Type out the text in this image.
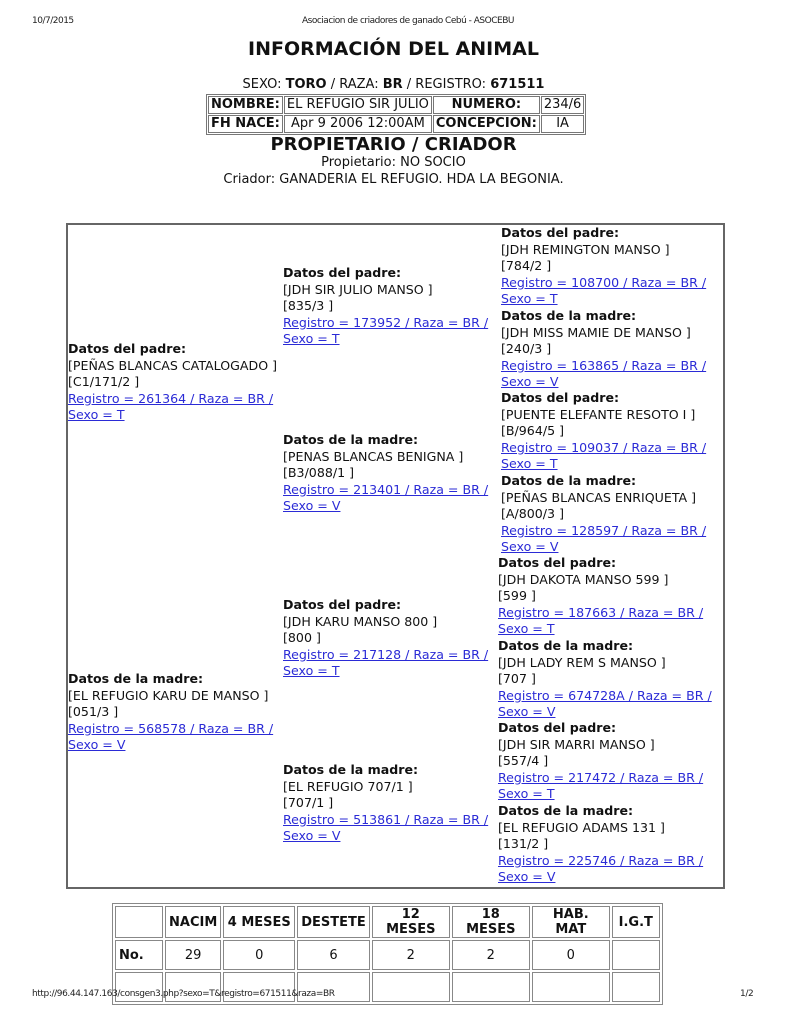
10/7/2015	Asociacion de criadores de ganado Cebú - ASOCEBU
INFORMACIÓN DEL ANIMAL
SEXO: TORO / RAZA: BR / REGISTRO: 671511
NOMBRE:	EL REFUGIO SIR JULIO	NUMERO:	234/6
FH NACE:	Apr 9 2006 12:00AM	CONCEPCION:	IA
PROPIETARIO / CRIADOR
Propietario: NO SOCIO
Criador: GANADERIA EL REFUGIO. HDA LA BEGONIA.
Datos del padre:
[PEÑAS BLANCAS CATALOGADO ]
[C1/171/2 ]
Registro = 261364 / Raza = BR / Sexo = T
Datos de la madre:
[EL REFUGIO KARU DE MANSO ]
[051/3 ]
Registro = 568578 / Raza = BR / Sexo = V
Datos del padre:
[JDH SIR JULIO MANSO ]
[835/3 ]
Registro = 173952 / Raza = BR / Sexo = T
Datos de la madre:
[PENAS BLANCAS BENIGNA ]
[B3/088/1 ]
Registro = 213401 / Raza = BR / Sexo = V
Datos del padre:
[JDH KARU MANSO 800 ]
[800 ]
Registro = 217128 / Raza = BR / Sexo = T
Datos de la madre:
[EL REFUGIO 707/1 ]
[707/1 ]
Registro = 513861 / Raza = BR / Sexo = V
Datos del padre:
[JDH REMINGTON MANSO ]
[784/2 ]
Registro = 108700 / Raza = BR / Sexo = T
Datos de la madre:
[JDH MISS MAMIE DE MANSO ]
[240/3 ]
Registro = 163865 / Raza = BR / Sexo = V
Datos del padre:
[PUENTE ELEFANTE RESOTO I ]
[B/964/5 ]
Registro = 109037 / Raza = BR / Sexo = T
Datos de la madre:
[PEÑAS BLANCAS ENRIQUETA ]
[A/800/3 ]
Registro = 128597 / Raza = BR / Sexo = V
Datos del padre:
[JDH DAKOTA MANSO 599 ]
[599 ]
Registro = 187663 / Raza = BR / Sexo = T
Datos de la madre:
[JDH LADY REM S MANSO ]
[707 ]
Registro = 674728A / Raza = BR / Sexo = V
Datos del padre:
[JDH SIR MARRI MANSO ]
[557/4 ]
Registro = 217472 / Raza = BR / Sexo = T
Datos de la madre:
[EL REFUGIO ADAMS 131 ]
[131/2 ]
Registro = 225746 / Raza = BR / Sexo = V
	NACIM	4 MESES	DESTETE	12 MESES	18 MESES	HAB. MAT	I.G.T
No.	29	0	6	2	2	0	

http://96.44.147.163/consgen3.php?sexo=T&registro=671511&raza=BR	1/2
